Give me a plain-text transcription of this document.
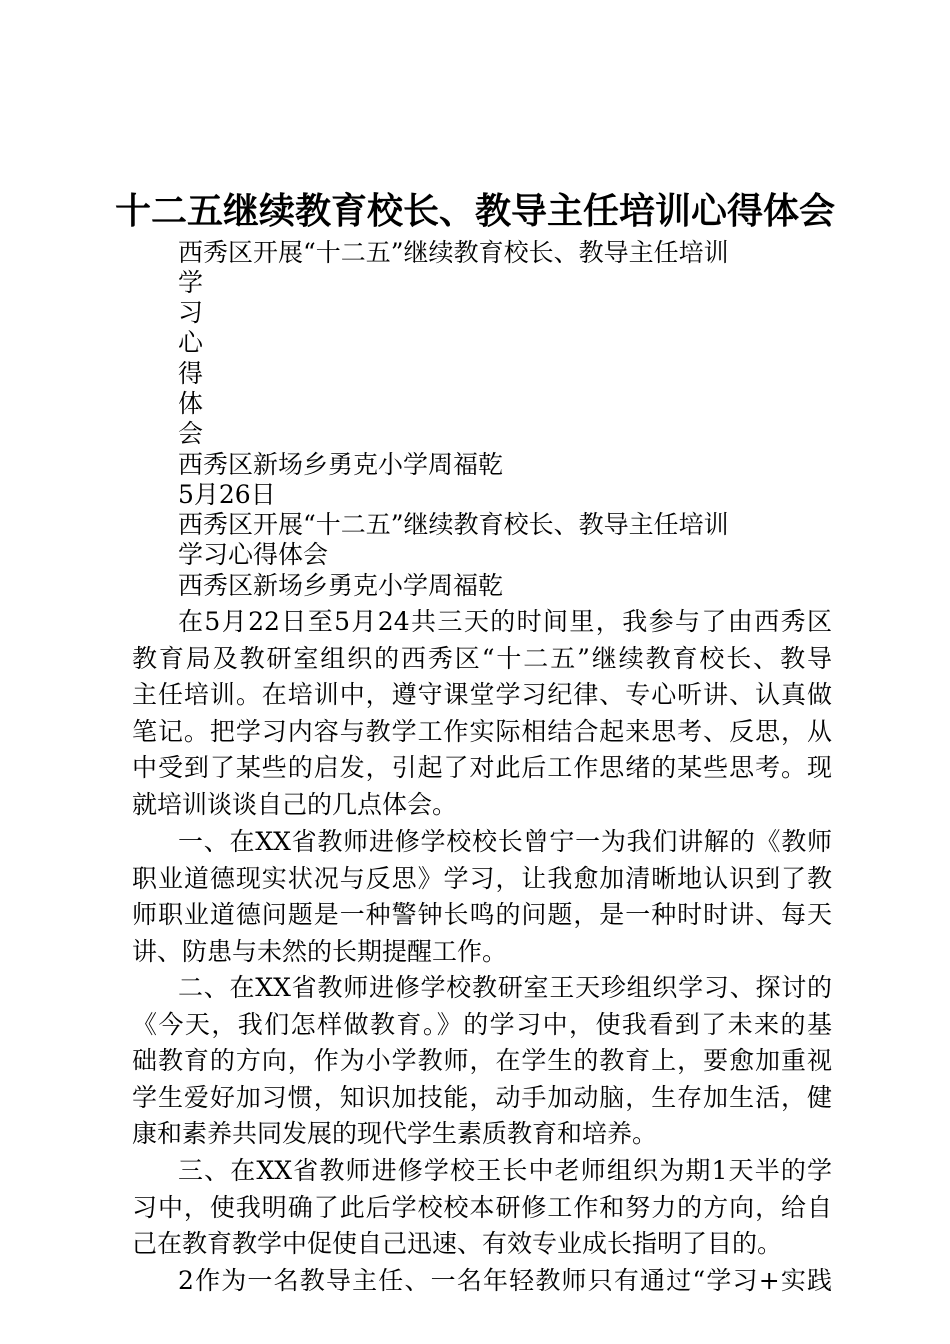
十二五继续教育校长、教导主任培训心得体会
西秀区开展“十二五”继续教育校长、教导主任培训
学
习
心
得
体
会
西秀区新场乡勇克小学周福乾
5月26日
西秀区开展“十二五”继续教育校长、教导主任培训
学习心得体会
西秀区新场乡勇克小学周福乾
在5月22日至5月24共三天的时间里，我参与了由西秀区
教育局及教研室组织的西秀区“十二五”继续教育校长、教导
主任培训。在培训中，遵守课堂学习纪律、专心听讲、认真做
笔记。把学习内容与教学工作实际相结合起来思考、反思，从
中受到了某些的启发，引起了对此后工作思绪的某些思考。现
就培训谈谈自己的几点体会。
一、在XX省教师进修学校校长曾宁一为我们讲解的《教师
职业道德现实状况与反思》学习，让我愈加清晰地认识到了教
师职业道德问题是一种警钟长鸣的问题，是一种时时讲、每天
讲、防患与未然的长期提醒工作。
二、在XX省教师进修学校教研室王天珍组织学习、探讨的
《今天，我们怎样做教育。》的学习中，使我看到了未来的基
础教育的方向，作为小学教师，在学生的教育上，要愈加重视
学生爱好加习惯，知识加技能，动手加动脑，生存加生活，健
康和素养共同发展的现代学生素质教育和培养。
三、在XX省教师进修学校王长中老师组织为期1天半的学
习中，使我明确了此后学校校本研修工作和努力的方向，给自
己在教育教学中促使自己迅速、有效专业成长指明了目的。
2作为一名教导主任、一名年轻教师只有通过“学习+实践
